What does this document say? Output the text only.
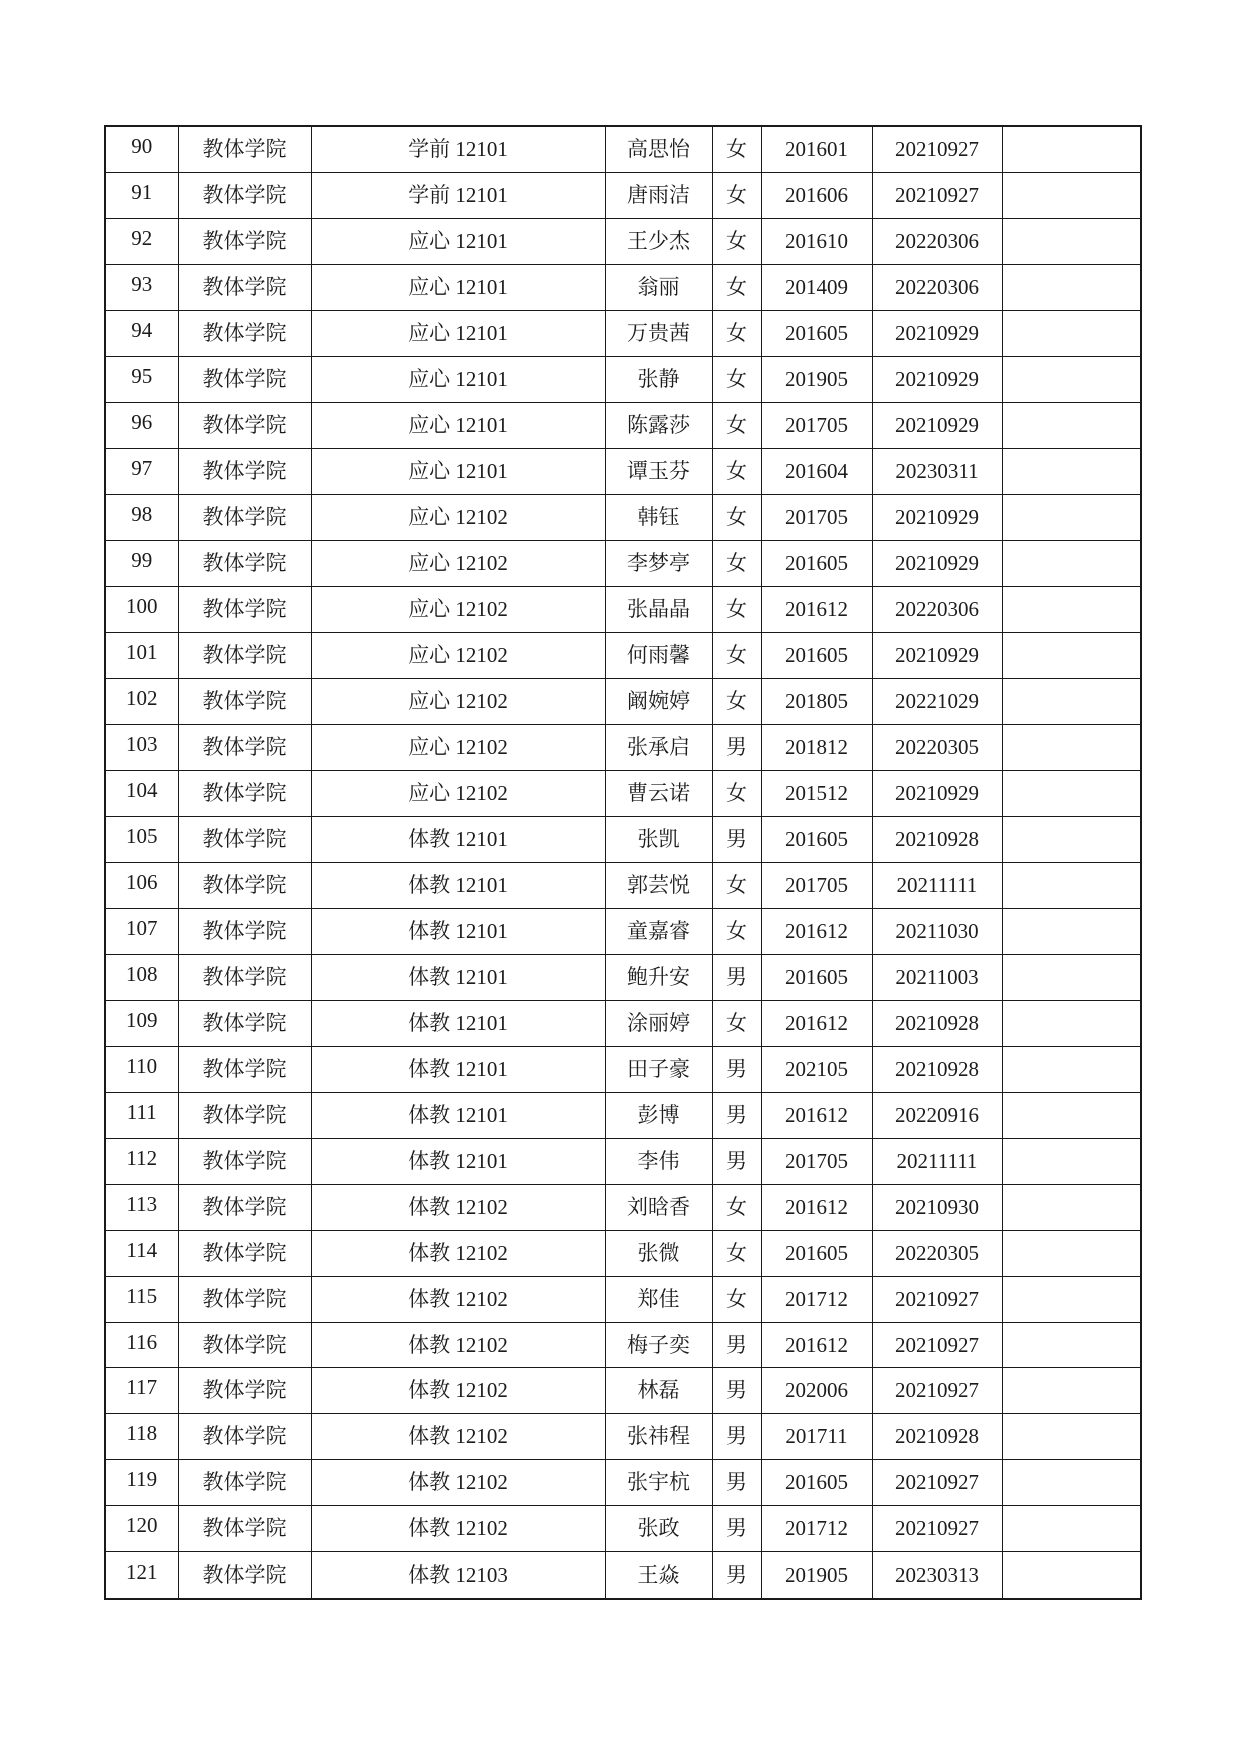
90	教体学院	学前 12101	高思怡	女	201601	20210927	
91	教体学院	学前 12101	唐雨洁	女	201606	20210927	
92	教体学院	应心 12101	王少杰	女	201610	20220306	
93	教体学院	应心 12101	翁丽	女	201409	20220306	
94	教体学院	应心 12101	万贵茜	女	201605	20210929	
95	教体学院	应心 12101	张静	女	201905	20210929	
96	教体学院	应心 12101	陈露莎	女	201705	20210929	
97	教体学院	应心 12101	谭玉芬	女	201604	20230311	
98	教体学院	应心 12102	韩钰	女	201705	20210929	
99	教体学院	应心 12102	李梦亭	女	201605	20210929	
100	教体学院	应心 12102	张晶晶	女	201612	20220306	
101	教体学院	应心 12102	何雨馨	女	201605	20210929	
102	教体学院	应心 12102	阚婉婷	女	201805	20221029	
103	教体学院	应心 12102	张承启	男	201812	20220305	
104	教体学院	应心 12102	曹云诺	女	201512	20210929	
105	教体学院	体教 12101	张凯	男	201605	20210928	
106	教体学院	体教 12101	郭芸悦	女	201705	20211111	
107	教体学院	体教 12101	童嘉睿	女	201612	20211030	
108	教体学院	体教 12101	鲍升安	男	201605	20211003	
109	教体学院	体教 12101	涂丽婷	女	201612	20210928	
110	教体学院	体教 12101	田子豪	男	202105	20210928	
111	教体学院	体教 12101	彭博	男	201612	20220916	
112	教体学院	体教 12101	李伟	男	201705	20211111	
113	教体学院	体教 12102	刘晗香	女	201612	20210930	
114	教体学院	体教 12102	张微	女	201605	20220305	
115	教体学院	体教 12102	郑佳	女	201712	20210927	
116	教体学院	体教 12102	梅子奕	男	201612	20210927	
117	教体学院	体教 12102	林磊	男	202006	20210927	
118	教体学院	体教 12102	张祎程	男	201711	20210928	
119	教体学院	体教 12102	张宇杭	男	201605	20210927	
120	教体学院	体教 12102	张政	男	201712	20210927	
121	教体学院	体教 12103	王焱	男	201905	20230313	
